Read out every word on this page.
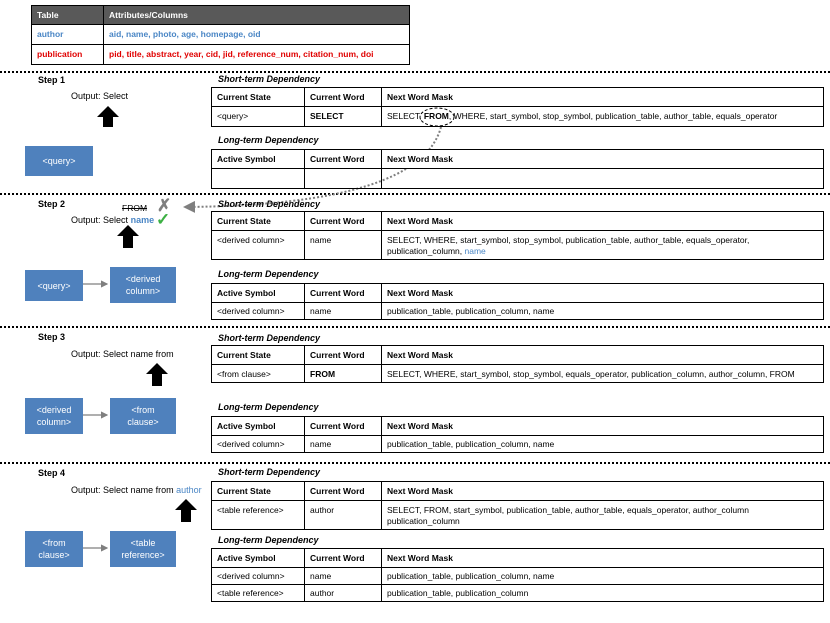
Table	Attributes/Columns
author	aid, name, photo, age, homepage, oid
publication	pid, title, abstract, year, cid, jid, reference_num, citation_num, doi
Step 1
Output: Select
<query>
Short-term Dependency
Current State	Current Word	Next Word Mask
<query>	SELECT	SELECT, FROM, WHERE, start_symbol, stop_symbol, publication_table, author_table, equals_operator
Long-term Dependency
Active Symbol	Current Word	Next Word Mask

Step 2	FROM ✗
Output: Select name ✓
<query>
<derived column>
Short-term Dependency
Current State	Current Word	Next Word Mask
<derived column>	name	SELECT, WHERE, start_symbol, stop_symbol, publication_table, author_table, equals_operator, publication_column, name
Long-term Dependency
Active Symbol	Current Word	Next Word Mask
<derived column>	name	publication_table, publication_column, name
Step 3
Output: Select name from
<derived column>
<from clause>
Short-term Dependency
Current State	Current Word	Next Word Mask
<from clause>	FROM	SELECT, WHERE, start_symbol, stop_symbol, equals_operator, publication_column, author_column, FROM
Long-term Dependency
Active Symbol	Current Word	Next Word Mask
<derived column>	name	publication_table, publication_column, name
Step 4
Output: Select name from author
<from clause>
<table reference>
Short-term Dependency
Current State	Current Word	Next Word Mask
<table reference>	author	SELECT, FROM, start_symbol, publication_table, author_table, equals_operator, author_column publication_column
Long-term Dependency
Active Symbol	Current Word	Next Word Mask
<derived column>	name	publication_table, publication_column, name
<table reference>	author	publication_table, publication_column
